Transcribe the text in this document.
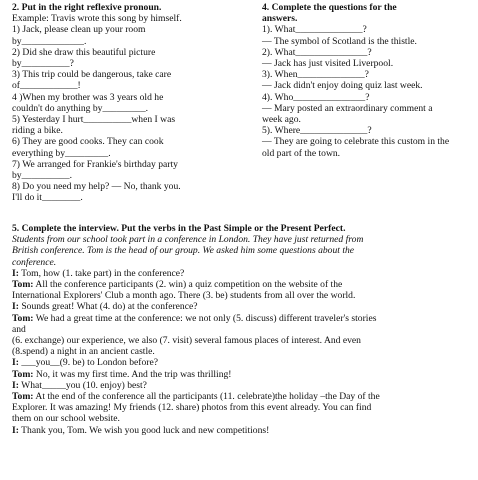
2. Put in the right reflexive pronoun.
Example: Travis wrote this song by himself.
1) Jack, please clean up your room
by_____________.
2) Did she draw this beautiful picture
by__________?
3) This trip could be dangerous, take care
of____________!
4 )When my brother was 3 years old he
couldn't do anything by_________.
5) Yesterday I hurt__________when I was
riding a bike.
6) They are good cooks. They can cook
everything by_________.
7) We arranged for Frankie's birthday party
by__________.
8) Do you need my help? — No, thank you.
I'll do it________.
4. Complete the questions for the
answers.
1). What______________?
— The symbol of Scotland is the thistle.
2). What_______________?
— Jack has just visited Liverpool.
3). When______________?
— Jack didn't enjoy doing quiz last week.
4). Who_______________?
— Mary posted an extraordinary comment a
week ago.
5). Where______________?
— They are going to celebrate this custom in the
old part of the town.
5. Complete the interview. Put the verbs in the Past Simple or the Present Perfect.
Students from our school took part in a conference in London. They have just returned from
British conference. Tom is the head of our group. We asked him some questions about the
conference.
I: Tom, how (1. take part) in the conference?
Tom: All the conference participants (2. win) a quiz competition on the website of the
International Explorers' Club a month ago. There (3. be) students from all over the world.
I: Sounds great! What (4. do) at the conference?
Tom: We had a great time at the conference: we not only (5. discuss) different traveler's stories
and
(6. exchange) our experience, we also (7. visit) several famous places of interest. And even
(8.spend) a night in an ancient castle.
I: ___you__(9. be) to London before?
Tom: No, it was my first time. And the trip was thrilling!
I: What_____you (10. enjoy) best?
Tom: At the end of the conference all the participants (11. celebrate)the holiday –the Day of the
Explorer. It was amazing! My friends (12. share) photos from this event already. You can find
them on our school website.
I: Thank you, Tom. We wish you good luck and new competitions!
